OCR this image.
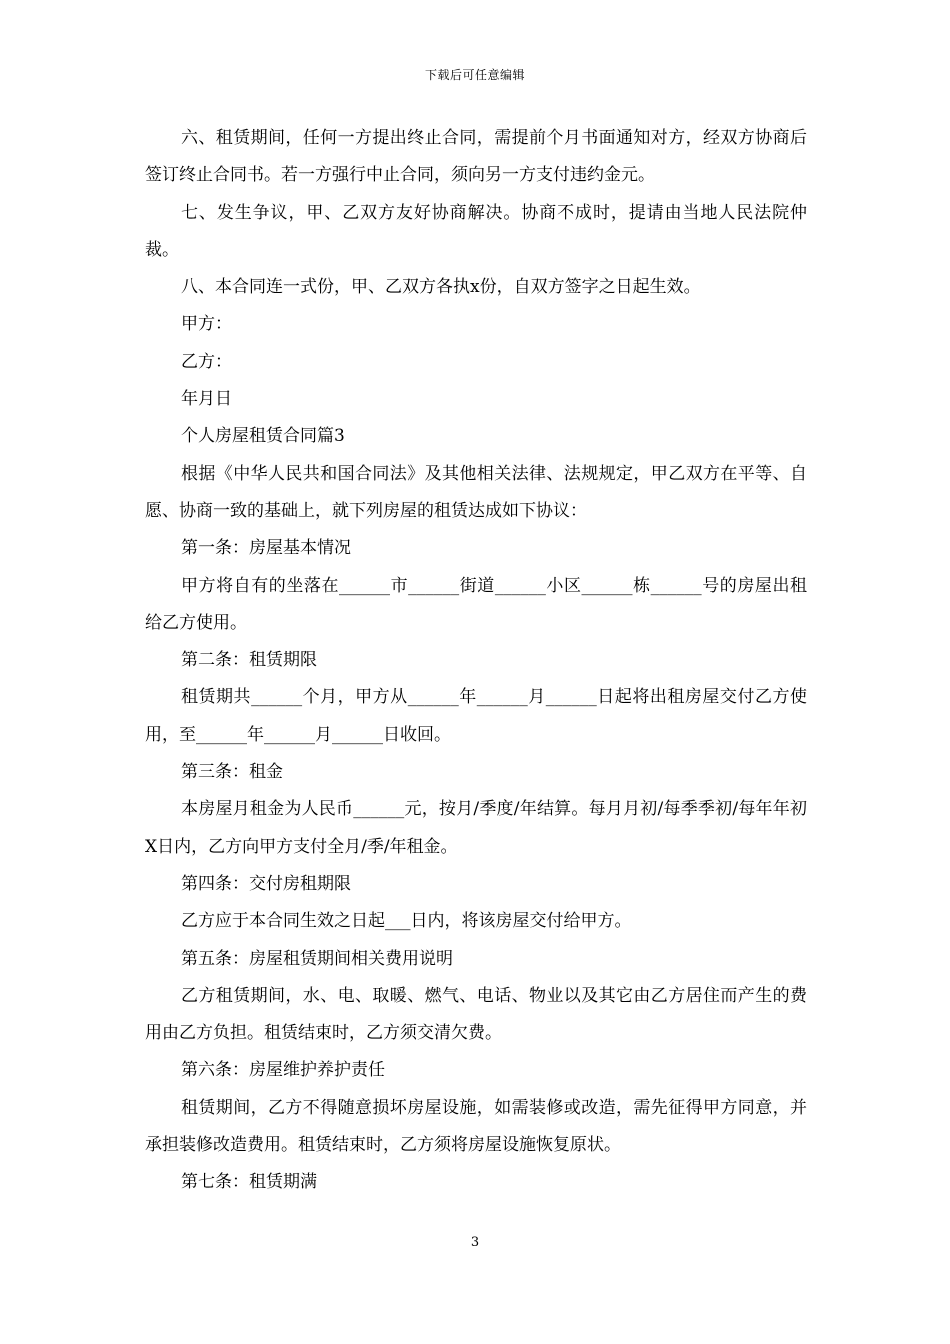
下载后可任意编辑

六、租赁期间，任何一方提出终止合同，需提前个月书面通知对方，经双方协商后签订终止合同书。若一方强行中止合同，须向另一方支付违约金元。

七、发生争议，甲、乙双方友好协商解决。协商不成时，提请由当地人民法院仲裁。

八、本合同连一式份，甲、乙双方各执x份，自双方签字之日起生效。

甲方：

乙方：

年月日

个人房屋租赁合同篇3

根据《中华人民共和国合同法》及其他相关法律、法规规定，甲乙双方在平等、自愿、协商一致的基础上，就下列房屋的租赁达成如下协议：

第一条：房屋基本情况

甲方将自有的坐落在______市______街道______小区______栋______号的房屋出租给乙方使用。

第二条：租赁期限

租赁期共______个月，甲方从______年______月______日起将出租房屋交付乙方使用，至______年______月______日收回。

第三条：租金

本房屋月租金为人民币______元，按月/季度/年结算。每月月初/每季季初/每年年初X日内，乙方向甲方支付全月/季/年租金。

第四条：交付房租期限

乙方应于本合同生效之日起___日内，将该房屋交付给甲方。

第五条：房屋租赁期间相关费用说明

乙方租赁期间，水、电、取暖、燃气、电话、物业以及其它由乙方居住而产生的费用由乙方负担。租赁结束时，乙方须交清欠费。

第六条：房屋维护养护责任

租赁期间，乙方不得随意损坏房屋设施，如需装修或改造，需先征得甲方同意，并承担装修改造费用。租赁结束时，乙方须将房屋设施恢复原状。

第七条：租赁期满

3
